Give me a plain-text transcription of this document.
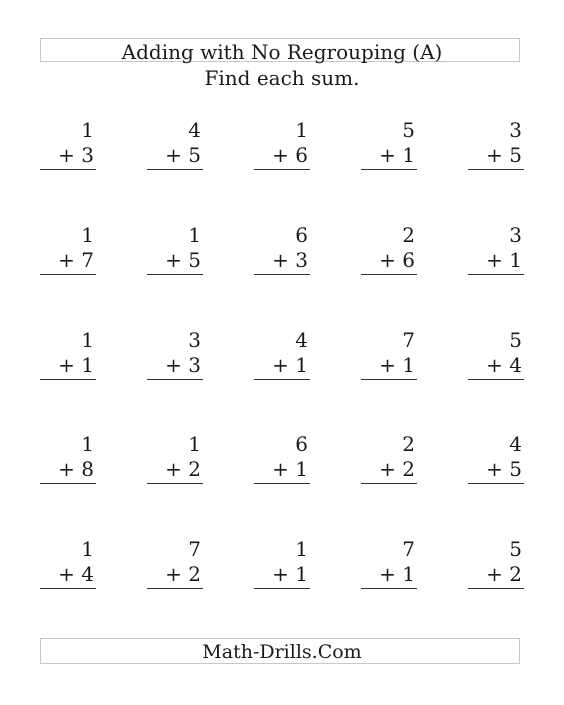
Adding with No Regrouping (A)
Find each sum.
1
+ 3
4
+ 5
1
+ 6
5
+ 1
3
+ 5
1
+ 7
1
+ 5
6
+ 3
2
+ 6
3
+ 1
1
+ 1
3
+ 3
4
+ 1
7
+ 1
5
+ 4
1
+ 8
1
+ 2
6
+ 1
2
+ 2
4
+ 5
1
+ 4
7
+ 2
1
+ 1
7
+ 1
5
+ 2
Math-Drills.Com
